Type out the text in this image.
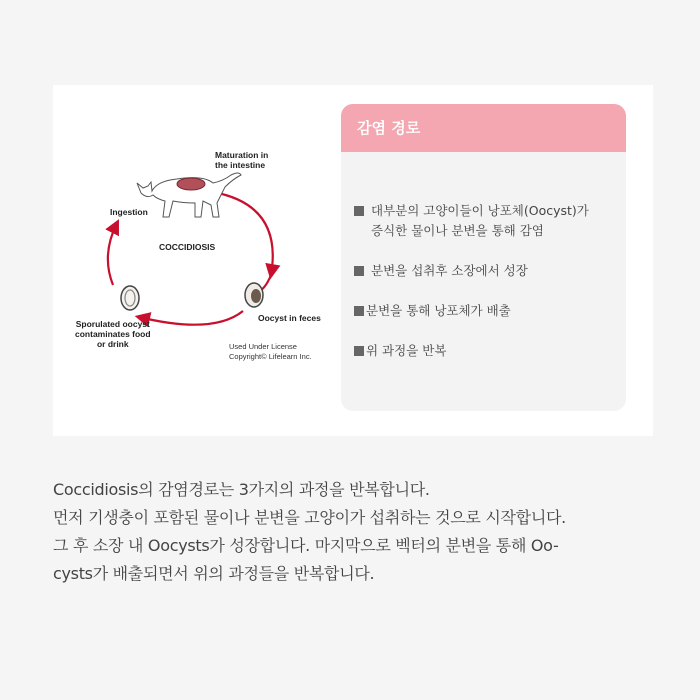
Maturation in
the intestine
Ingestion
COCCIDIOSIS
Oocyst in feces
Sporulated oocyst
contaminates food
or drink	Used Under License
Copyright© Lifelearn Inc.
감염 경로
대부분의 고양이들이 낭포체(Oocyst)가
증식한 물이나 분변을 통해 감염
분변을 섭취후 소장에서 성장
분변을 통해 낭포체가 배출
위 과정을 반복
Coccidiosis의 감염경로는 3가지의 과정을 반복합니다.
먼저 기생충이 포함된 물이나 분변을 고양이가 섭취하는 것으로 시작합니다.
그 후 소장 내 Oocysts가 성장합니다. 마지막으로 벡터의 분변을 통해 Oo-
cysts가 배출되면서 위의 과정들을 반복합니다.
